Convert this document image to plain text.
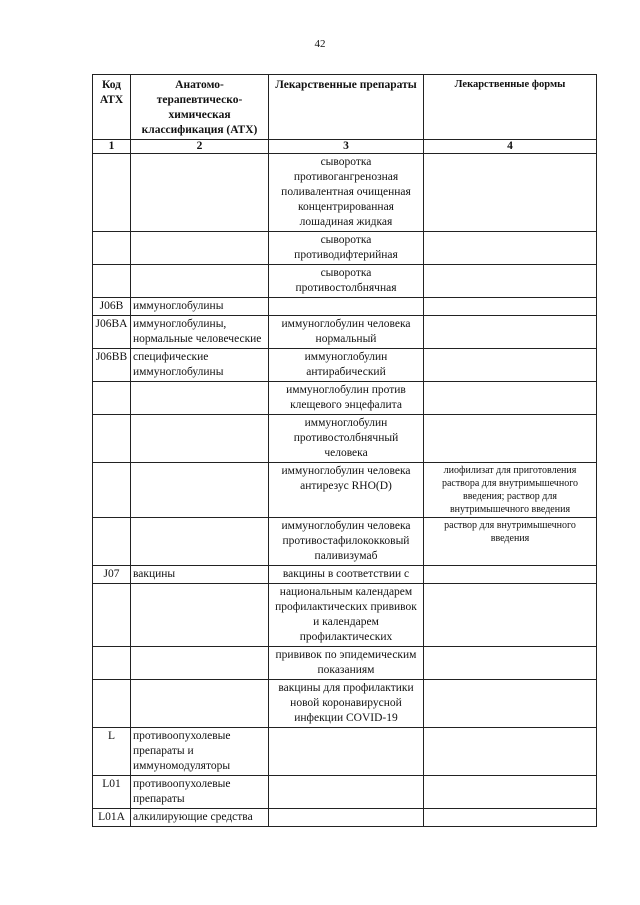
42
Код АТХ	Анатомо-терапевтическо-химическая классификация (АТХ)	Лекарственные препараты	Лекарственные формы
1	2	3	4
		сыворотка противогангренозная поливалентная очищенная концентрированная лошадиная жидкая	
		сыворотка противодифтерийная	
		сыворотка противостолбнячная	
J06B	иммуноглобулины		
J06BA	иммуноглобулины, нормальные человеческие	иммуноглобулин человека нормальный	
J06BB	специфические иммуноглобулины	иммуноглобулин антирабический	
		иммуноглобулин против клещевого энцефалита	
		иммуноглобулин противостолбнячный человека	
		иммуноглобулин человека антирезус RHO(D)	лиофилизат для приготовления раствора для внутримышечного введения; раствор для внутримышечного введения
		иммуноглобулин человека противостафилококковый паливизумаб	раствор для внутримышечного введения
J07	вакцины	вакцины в соответствии с	
		национальным календарем профилактических прививок и календарем профилактических	
		прививок по эпидемическим показаниям	
		вакцины для профилактики новой коронавирусной инфекции COVID-19	
L	противоопухолевые препараты и иммуномодуляторы		
L01	противоопухолевые препараты		
L01A	алкилирующие средства		
